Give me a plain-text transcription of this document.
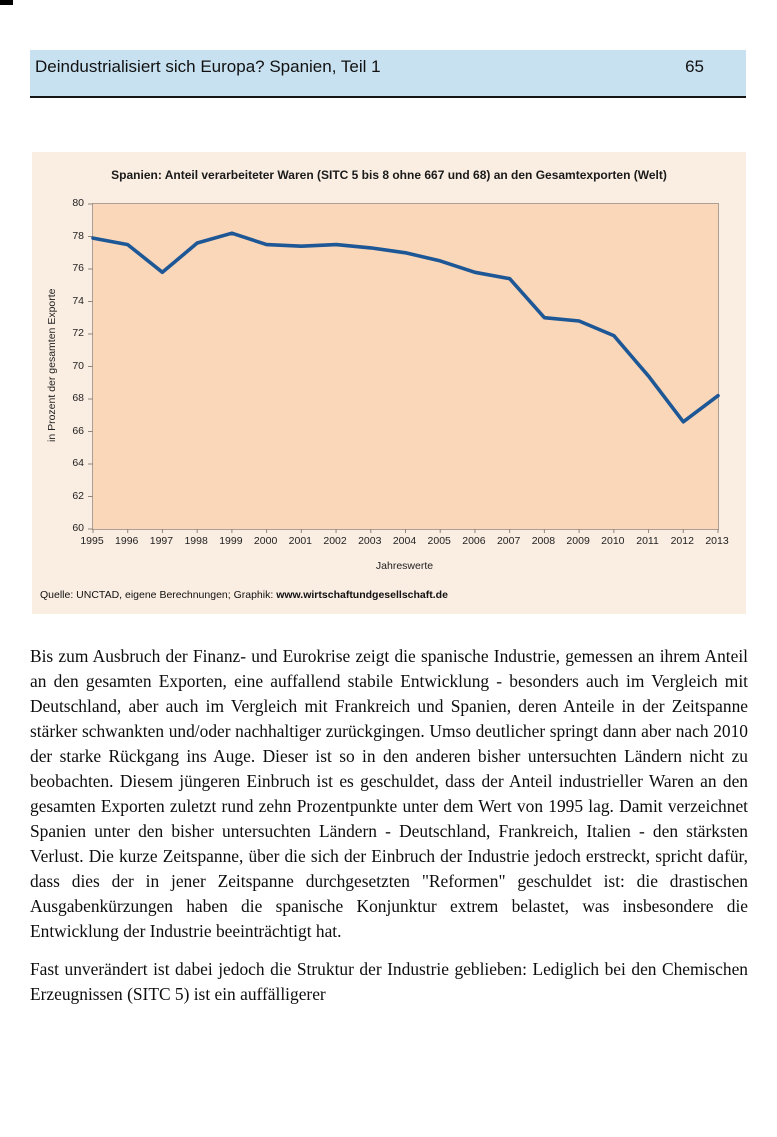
Deindustrialisiert sich Europa? Spanien, Teil 1	65
Spanien: Anteil verarbeiteter Waren (SITC 5 bis 8 ohne 667 und 68) an den Gesamtexporten (Welt)
in Prozent der gesamten Exporte
Jahreswerte
Quelle: UNCTAD, eigene Berechnungen; Graphik: www.wirtschaftundgesellschaft.de
60
62
64
66
68
70
72
74
76
78
80
1995	1996	1997	1998	1999	2000	2001	2002	2003	2004	2005	2006	2007	2008	2009	2010	2011	2012	2013

Bis zum Ausbruch der Finanz- und Eurokrise zeigt die spanische Industrie, gemessen an ihrem Anteil an den gesamten Exporten, eine auffallend stabile Entwicklung - besonders auch im Vergleich mit Deutschland, aber auch im Vergleich mit Frankreich und Spanien, deren Anteile in der Zeitspanne stärker schwankten und/oder nachhaltiger zurückgingen. Umso deutlicher springt dann aber nach 2010 der starke Rückgang ins Auge. Dieser ist so in den anderen bisher untersuchten Ländern nicht zu beobachten. Diesem jüngeren Einbruch ist es geschuldet, dass der Anteil industrieller Waren an den gesamten Exporten zuletzt rund zehn Prozentpunkte unter dem Wert von 1995 lag. Damit verzeichnet Spanien unter den bisher untersuchten Ländern - Deutschland, Frankreich, Italien - den stärksten Verlust. Die kurze Zeitspanne, über die sich der Einbruch der Industrie jedoch erstreckt, spricht dafür, dass dies der in jener Zeitspanne durchgesetzten "Reformen" geschuldet ist: die drastischen Ausgabenkürzungen haben die spanische Konjunktur extrem belastet, was insbesondere die Entwicklung der Industrie beeinträchtigt hat.

Fast unverändert ist dabei jedoch die Struktur der Industrie geblieben: Lediglich bei den Chemischen Erzeugnissen (SITC 5) ist ein auffälligerer
